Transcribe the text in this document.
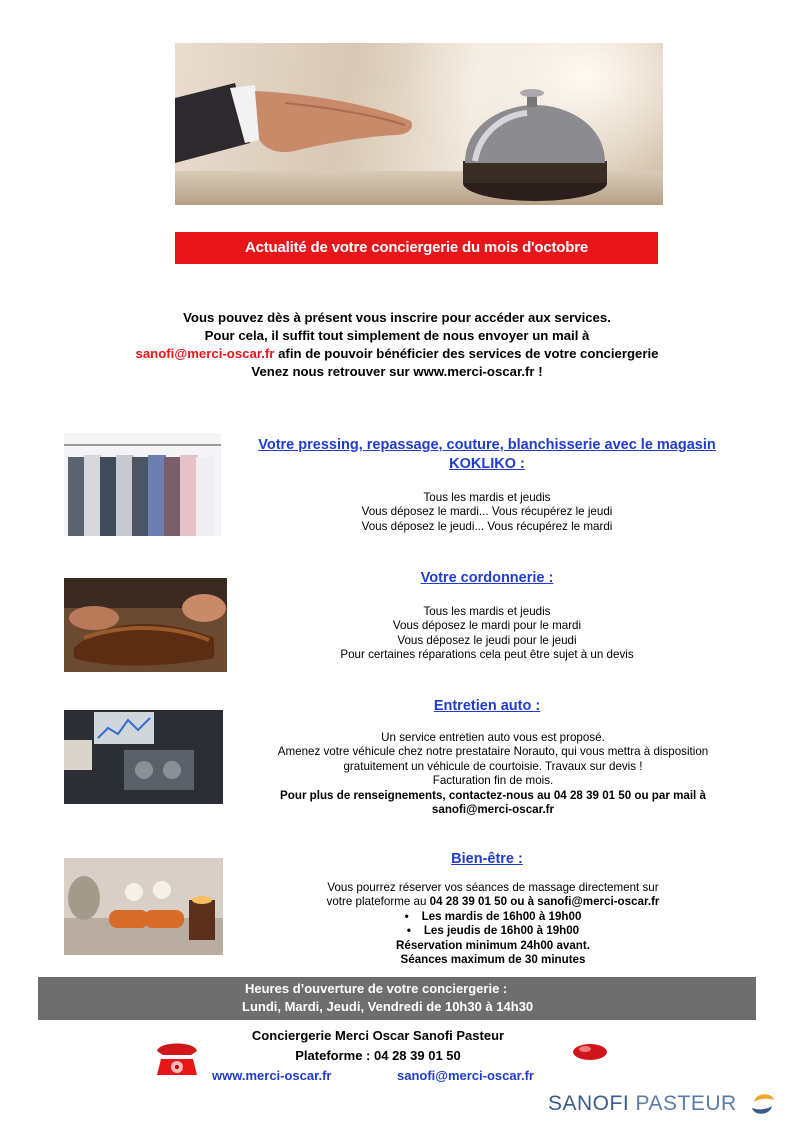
Actualité de votre conciergerie du mois d'octobre
Vous pouvez dès à présent vous inscrire pour accéder aux services.
Pour cela, il suffit tout simplement de nous envoyer un mail à
sanofi@merci-oscar.fr afin de pouvoir bénéficier des services de votre conciergerie
Venez nous retrouver sur www.merci-oscar.fr !
Votre pressing, repassage, couture, blanchisserie avec le magasin KOKLIKO :
Tous les mardis et jeudis
Vous déposez le mardi... Vous récupérez le jeudi
Vous déposez le jeudi... Vous récupérez le mardi
Votre cordonnerie :
Tous les mardis et jeudis
Vous déposez le mardi pour le mardi
Vous déposez le jeudi pour le jeudi
Pour certaines réparations cela peut être sujet à un devis
Entretien auto :
Un service entretien auto vous est proposé.
Amenez votre véhicule chez notre prestataire Norauto, qui vous mettra à disposition
gratuitement un véhicule de courtoisie. Travaux sur devis !
Facturation fin de mois.
Pour plus de renseignements, contactez-nous au 04 28 39 01 50 ou par mail à
sanofi@merci-oscar.fr
Bien-être :
Vous pourrez réserver vos séances de massage directement sur
votre plateforme au 04 28 39 01 50 ou à sanofi@merci-oscar.fr
•    Les mardis de 16h00 à 19h00
•    Les jeudis de 16h00 à 19h00
Réservation minimum 24h00 avant.
Séances maximum de 30 minutes
Heures d’ouverture de votre conciergerie :
Lundi, Mardi, Jeudi, Vendredi de 10h30 à 14h30
Conciergerie Merci Oscar Sanofi Pasteur
Plateforme : 04 28 39 01 50
www.merci-oscar.fr	sanofi@merci-oscar.fr
SANOFI PASTEUR
